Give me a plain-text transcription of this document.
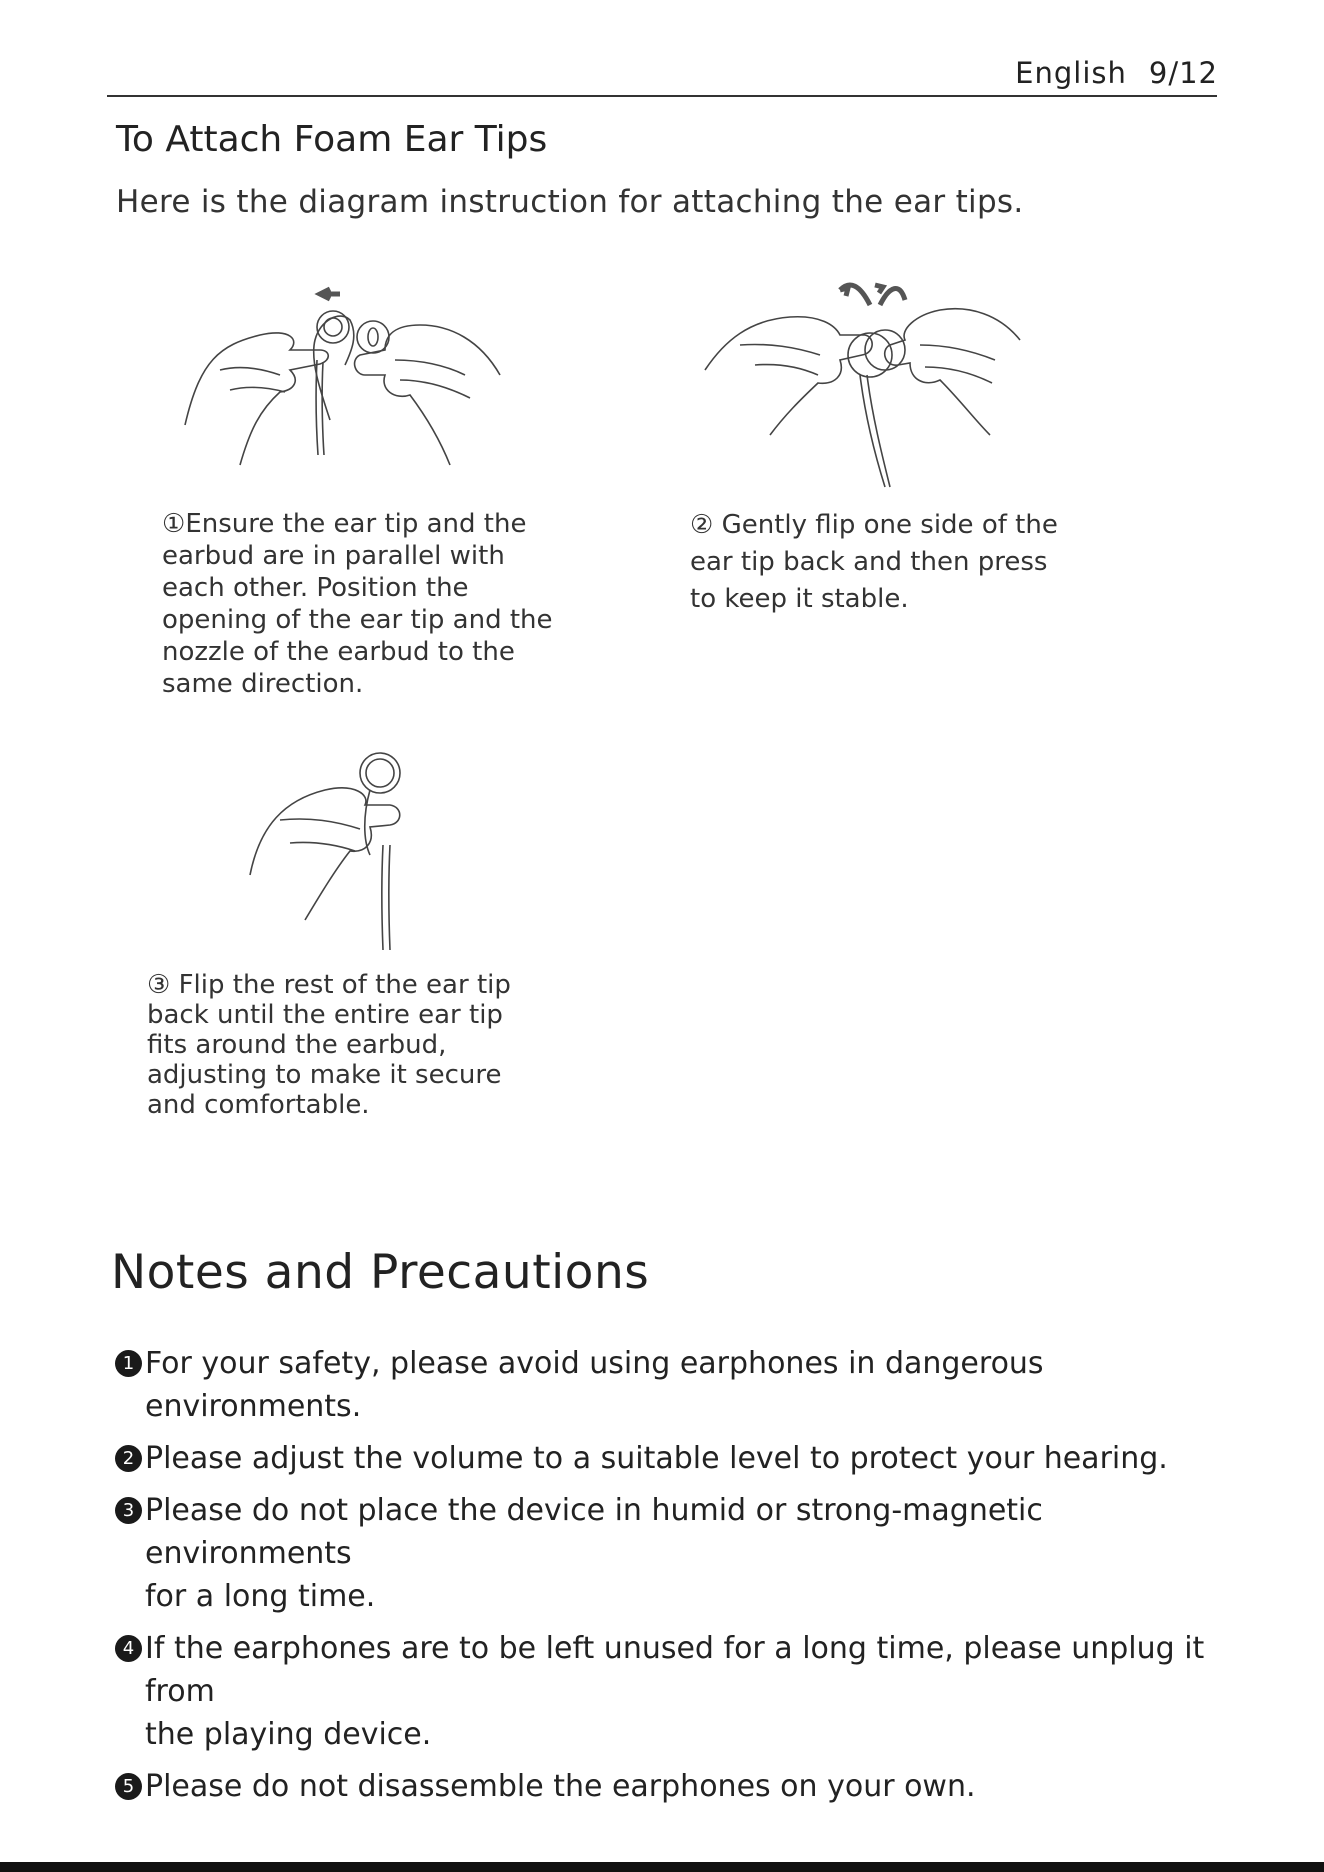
English 9/12
To Attach Foam Ear Tips

Here is the diagram instruction for attaching the ear tips.

①Ensure the ear tip and the
earbud are in parallel with
each other. Position the
opening of the ear tip and the
nozzle of the earbud to the
same direction.

② Gently flip one side of the
ear tip back and then press
to keep it stable.

③ Flip the rest of the ear tip
back until the entire ear tip
fits around the earbud,
adjusting to make it secure
and comfortable.

Notes and Precautions
1 For your safety, please avoid using earphones in dangerous environments.
2 Please adjust the volume to a suitable level to protect your hearing.
3 Please do not place the device in humid or strong-magnetic environments
for a long time.
4 If the earphones are to be left unused for a long time, please unplug it from
the playing device.
5 Please do not disassemble the earphones on your own.
